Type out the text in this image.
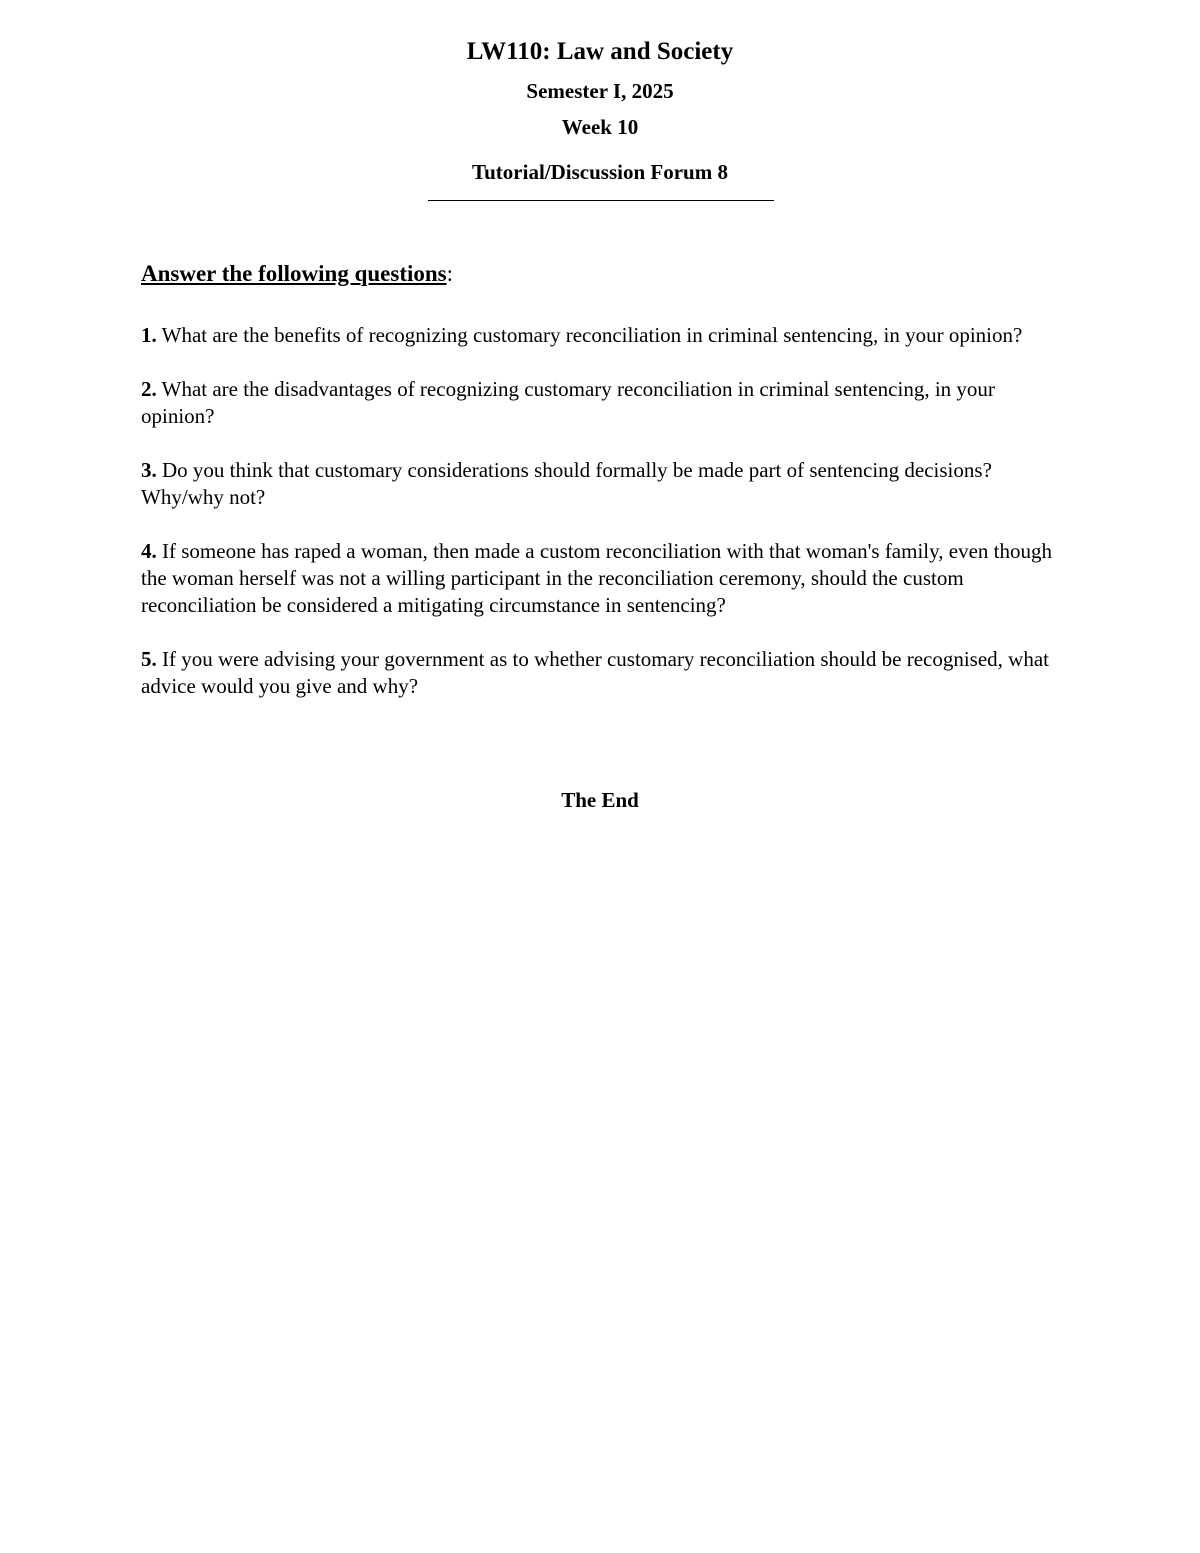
LW110: Law and Society
Semester I, 2025
Week 10
Tutorial/Discussion Forum 8
Answer the following questions:
1. What are the benefits of recognizing customary reconciliation in criminal sentencing, in your opinion?
2. What are the disadvantages of recognizing customary reconciliation in criminal sentencing, in your opinion?
3. Do you think that customary considerations should formally be made part of sentencing decisions? Why/why not?
4. If someone has raped a woman, then made a custom reconciliation with that woman's family, even though the woman herself was not a willing participant in the reconciliation ceremony, should the custom reconciliation be considered a mitigating circumstance in sentencing?
5. If you were advising your government as to whether customary reconciliation should be recognised, what advice would you give and why?
The End
